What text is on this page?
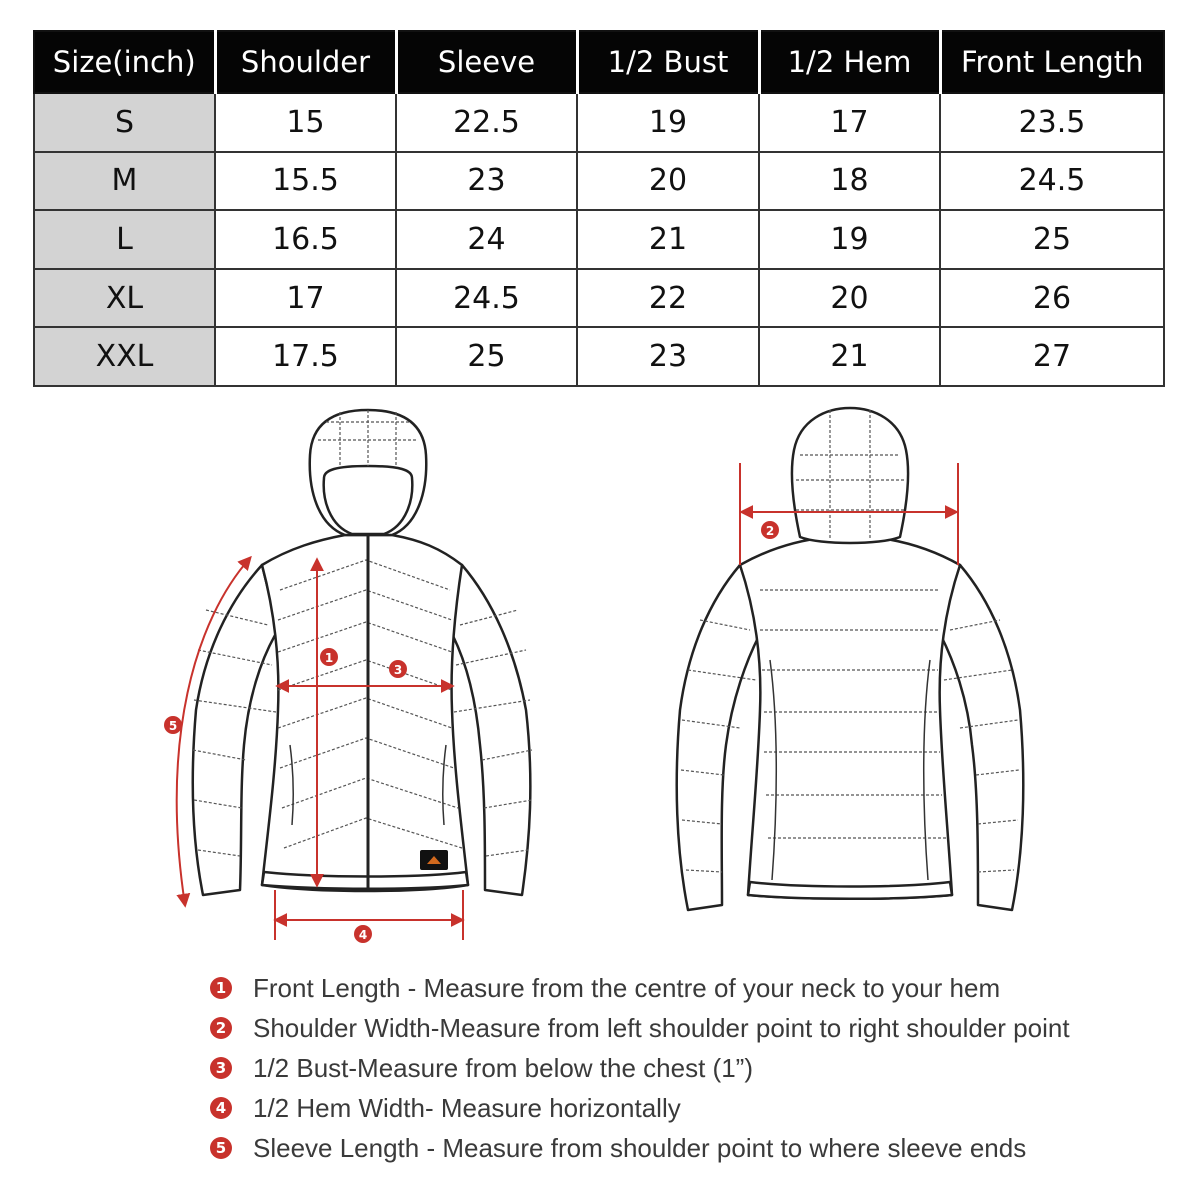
Size(inch)	Shoulder	Sleeve	1/2 Bust	1/2 Hem	Front Length
S	15	22.5	19	17	23.5
M	15.5	23	20	18	24.5
L	16.5	24	21	19	25
XL	17	24.5	22	20	26
XXL	17.5	25	23	21	27
1
2
3
4
5
1 Front Length - Measure from the centre of your neck to your hem
2 Shoulder Width-Measure from left shoulder point to right shoulder point
3 1/2 Bust-Measure from below the chest (1”)
4 1/2 Hem Width- Measure horizontally
5 Sleeve Length - Measure from shoulder point to where sleeve ends
